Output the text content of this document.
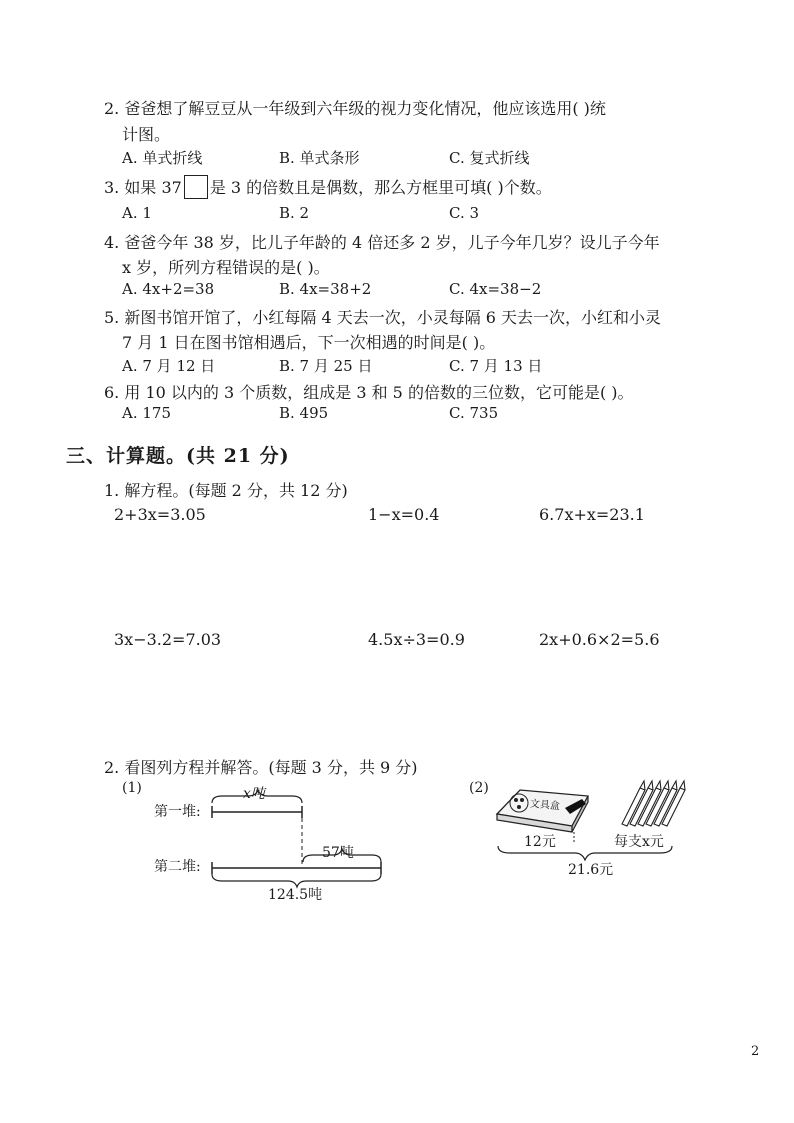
2. 爸爸想了解豆豆从一年级到六年级的视力变化情况，他应该选用( )统
计图。
A. 单式折线	B. 单式条形	C. 复式折线
3. 如果 37 是 3 的倍数且是偶数，那么方框里可填( )个数。
A. 1	B. 2	C. 3
4. 爸爸今年 38 岁，比儿子年龄的 4 倍还多 2 岁，儿子今年几岁？设儿子今年
x 岁，所列方程错误的是( )。
A. 4x+2=38	B. 4x=38+2	C. 4x=38−2
5. 新图书馆开馆了，小红每隔 4 天去一次，小灵每隔 6 天去一次，小红和小灵
7 月 1 日在图书馆相遇后，下一次相遇的时间是( )。
A. 7 月 12 日	B. 7 月 25 日	C. 7 月 13 日
6. 用 10 以内的 3 个质数，组成是 3 和 5 的倍数的三位数，它可能是( )。
A. 175	B. 495	C. 735
三、计算题。(共 21 分)
1. 解方程。(每题 2 分，共 12 分)
2+3x=3.05	1−x=0.4	6.7x+x=23.1
3x−3.2=7.03	4.5x÷3=0.9	2x+0.6×2=5.6
2. 看图列方程并解答。(每题 3 分，共 9 分)
(1)
第一堆:
第二堆:
x吨
57吨
124.5吨
(2)
文具盒
12元	每支x元
21.6元
2
